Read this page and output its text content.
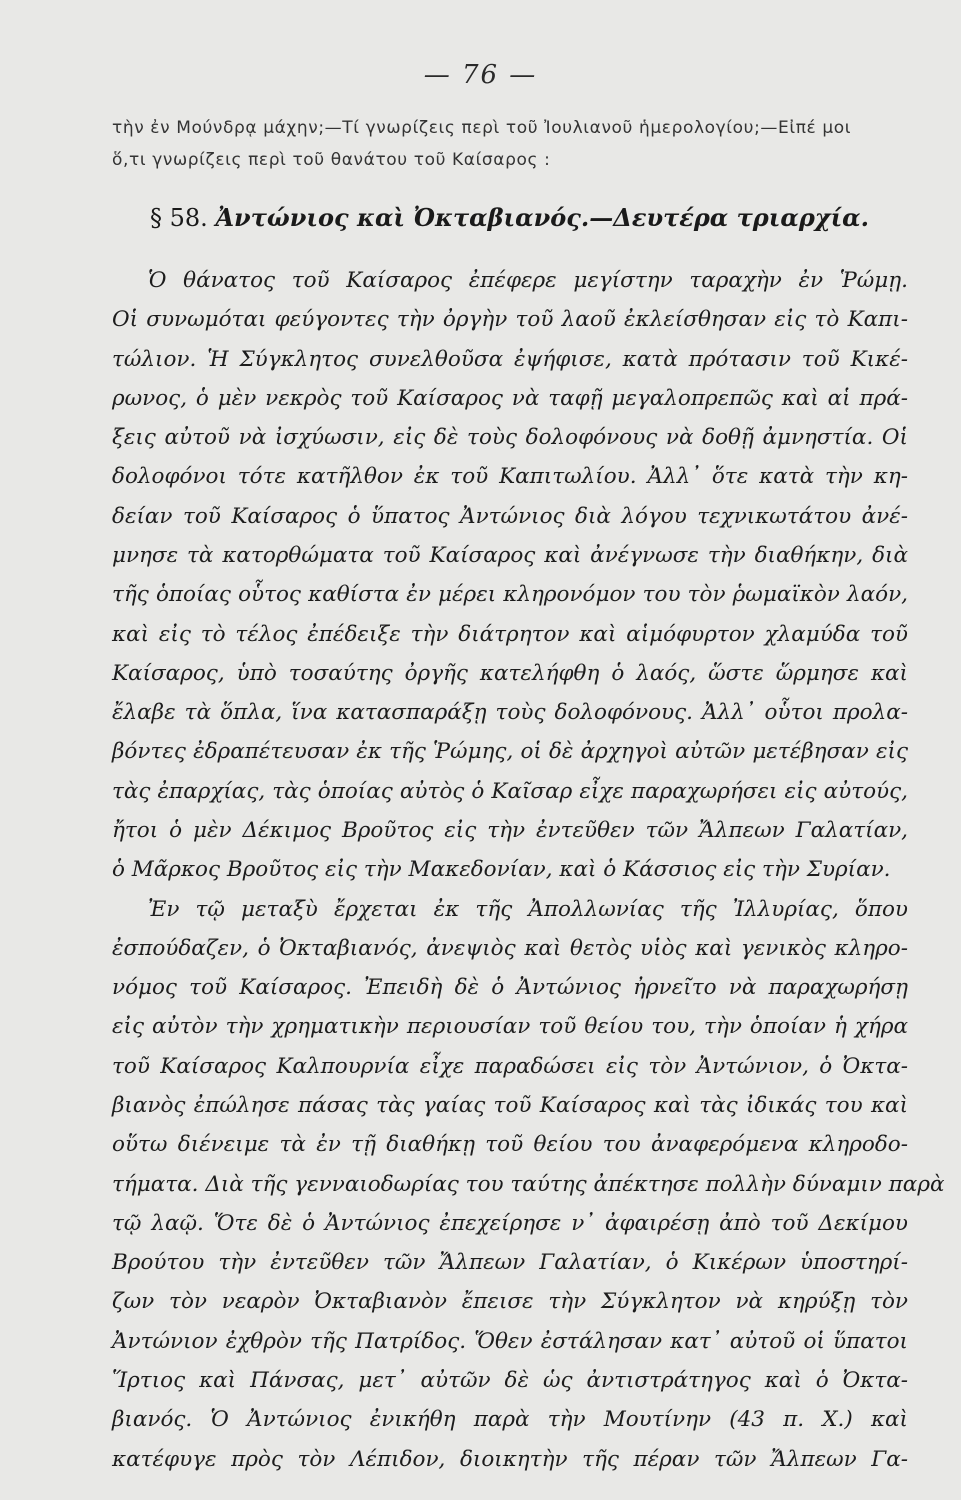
— 76 —
τὴν ἐν Μούνδρᾳ μάχην;—Τί γνωρίζεις περὶ τοῦ Ἰουλιανοῦ ἡμερολογίου;—Εἰπέ μοι
ὅ,τι γνωρίζεις περὶ τοῦ θανάτου τοῦ Καίσαρος :
§ 58. Ἀντώνιος καὶ Ὀκταβιανός.—Δευτέρα τριαρχία.
Ὁ θάνατος τοῦ Καίσαρος ἐπέφερε μεγίστην ταραχὴν ἐν Ῥώμῃ.
Οἱ συνωμόται φεύγοντες τὴν ὀργὴν τοῦ λαοῦ ἐκλείσθησαν εἰς τὸ Καπι-
τώλιον. Ἡ Σύγκλητος συνελθοῦσα ἐψήφισε, κατὰ πρότασιν τοῦ Κικέ-
ρωνος, ὁ μὲν νεκρὸς τοῦ Καίσαρος νὰ ταφῇ μεγαλοπρεπῶς καὶ αἱ πρά-
ξεις αὐτοῦ νὰ ἰσχύωσιν, εἰς δὲ τοὺς δολοφόνους νὰ δοθῇ ἀμνηστία. Οἱ
δολοφόνοι τότε κατῆλθον ἐκ τοῦ Καπιτωλίου. Ἀλλ᾽ ὅτε κατὰ τὴν κη-
δείαν τοῦ Καίσαρος ὁ ὕπατος Ἀντώνιος διὰ λόγου τεχνικωτάτου ἀνέ-
μνησε τὰ κατορθώματα τοῦ Καίσαρος καὶ ἀνέγνωσε τὴν διαθήκην, διὰ
τῆς ὁποίας οὗτος καθίστα ἐν μέρει κληρονόμον του τὸν ῥωμαϊκὸν λαόν,
καὶ εἰς τὸ τέλος ἐπέδειξε τὴν διάτρητον καὶ αἱμόφυρτον χλαμύδα τοῦ
Καίσαρος, ὑπὸ τοσαύτης ὀργῆς κατελήφθη ὁ λαός, ὥστε ὥρμησε καὶ
ἔλαβε τὰ ὅπλα, ἵνα κατασπαράξῃ τοὺς δολοφόνους. Ἀλλ᾽ οὗτοι προλα-
βόντες ἐδραπέτευσαν ἐκ τῆς Ῥώμης, οἱ δὲ ἀρχηγοὶ αὐτῶν μετέβησαν εἰς
τὰς ἐπαρχίας, τὰς ὁποίας αὐτὸς ὁ Καῖσαρ εἶχε παραχωρήσει εἰς αὐτούς,
ἤτοι ὁ μὲν Δέκιμος Βροῦτος εἰς τὴν ἐντεῦθεν τῶν Ἄλπεων Γαλατίαν,
ὁ Μᾶρκος Βροῦτος εἰς τὴν Μακεδονίαν, καὶ ὁ Κάσσιος εἰς τὴν Συρίαν.
Ἐν τῷ μεταξὺ ἔρχεται ἐκ τῆς Ἀπολλωνίας τῆς Ἰλλυρίας, ὅπου
ἐσπούδαζεν, ὁ Ὀκταβιανός, ἀνεψιὸς καὶ θετὸς υἱὸς καὶ γενικὸς κληρο-
νόμος τοῦ Καίσαρος. Ἐπειδὴ δὲ ὁ Ἀντώνιος ἠρνεῖτο νὰ παραχωρήσῃ
εἰς αὐτὸν τὴν χρηματικὴν περιουσίαν τοῦ θείου του, τὴν ὁποίαν ἡ χήρα
τοῦ Καίσαρος Καλπουρνία εἶχε παραδώσει εἰς τὸν Ἀντώνιον, ὁ Ὀκτα-
βιανὸς ἐπώλησε πάσας τὰς γαίας τοῦ Καίσαρος καὶ τὰς ἰδικάς του καὶ
οὕτω διένειμε τὰ ἐν τῇ διαθήκῃ τοῦ θείου του ἀναφερόμενα κληροδο-
τήματα. Διὰ τῆς γενναιοδωρίας του ταύτης ἀπέκτησε πολλὴν δύναμιν παρὰ
τῷ λαῷ. Ὅτε δὲ ὁ Ἀντώνιος ἐπεχείρησε ν᾽ ἀφαιρέσῃ ἀπὸ τοῦ Δεκίμου
Βρούτου τὴν ἐντεῦθεν τῶν Ἄλπεων Γαλατίαν, ὁ Κικέρων ὑποστηρί-
ζων τὸν νεαρὸν Ὀκταβιανὸν ἔπεισε τὴν Σύγκλητον νὰ κηρύξῃ τὸν
Ἀντώνιον ἐχθρὸν τῆς Πατρίδος. Ὅθεν ἐστάλησαν κατ᾽ αὐτοῦ οἱ ὕπατοι
Ἵρτιος καὶ Πάνσας, μετ᾽ αὐτῶν δὲ ὡς ἀντιστράτηγος καὶ ὁ Ὀκτα-
βιανός. Ὁ Ἀντώνιος ἐνικήθη παρὰ τὴν Μουτίνην (43 π. Χ.) καὶ
κατέφυγε πρὸς τὸν Λέπιδον, διοικητὴν τῆς πέραν τῶν Ἄλπεων Γα-
